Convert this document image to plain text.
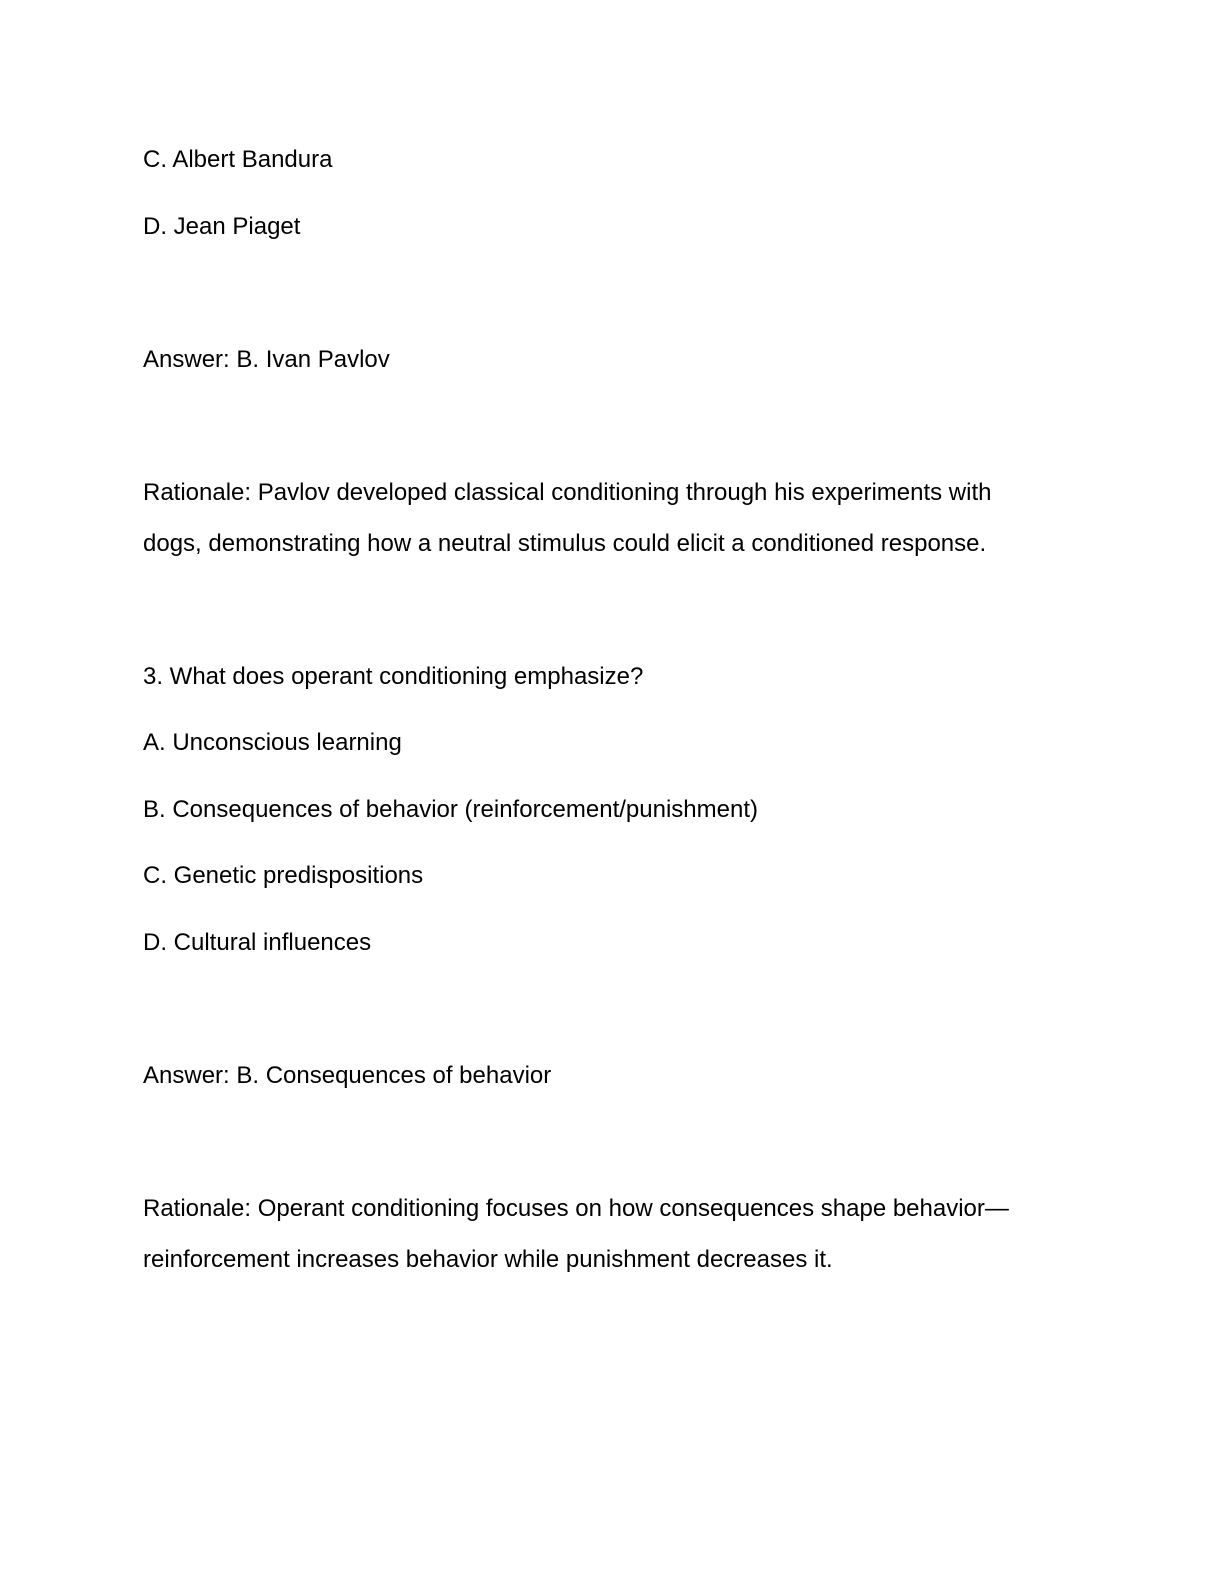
C. Albert Bandura
D. Jean Piaget
Answer: B. Ivan Pavlov
Rationale: Pavlov developed classical conditioning through his experiments with
dogs, demonstrating how a neutral stimulus could elicit a conditioned response.
3. What does operant conditioning emphasize?
A. Unconscious learning
B. Consequences of behavior (reinforcement/punishment)
C. Genetic predispositions
D. Cultural influences
Answer: B. Consequences of behavior
Rationale: Operant conditioning focuses on how consequences shape behavior—
reinforcement increases behavior while punishment decreases it.
